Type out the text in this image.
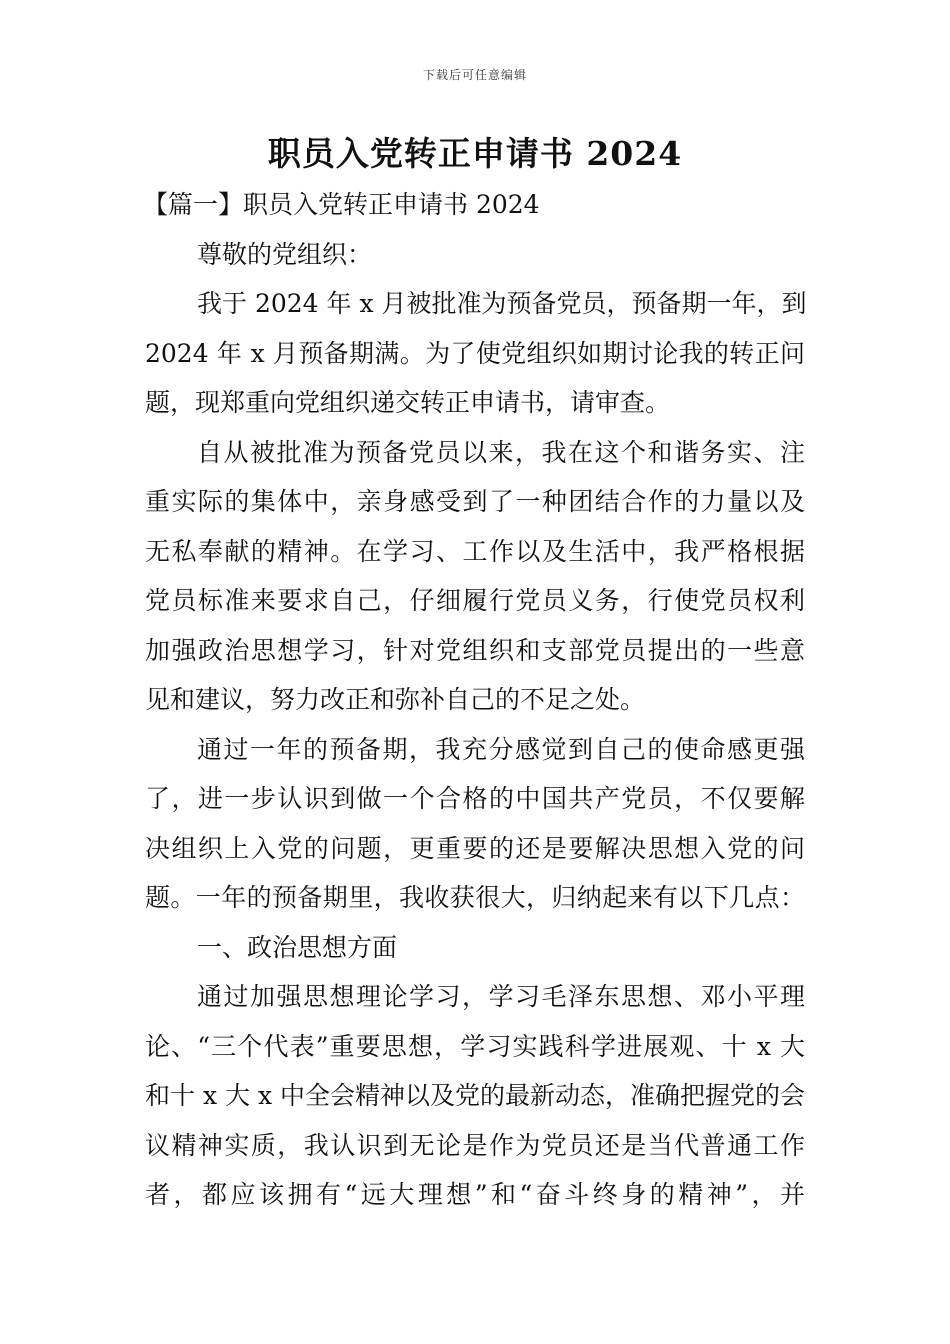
下载后可任意编辑
职员入党转正申请书 2024
【篇一】职员入党转正申请书 2024
尊敬的党组织：
我于 2024 年 x 月被批准为预备党员，预备期一年，到
2024 年 x 月预备期满。为了使党组织如期讨论我的转正问
题，现郑重向党组织递交转正申请书，请审查。
自从被批准为预备党员以来，我在这个和谐务实、注
重实际的集体中，亲身感受到了一种团结合作的力量以及
无私奉献的精神。在学习、工作以及生活中，我严格根据
党员标准来要求自己，仔细履行党员义务，行使党员权利
加强政治思想学习，针对党组织和支部党员提出的一些意
见和建议，努力改正和弥补自己的不足之处。
通过一年的预备期，我充分感觉到自己的使命感更强
了，进一步认识到做一个合格的中国共产党员，不仅要解
决组织上入党的问题，更重要的还是要解决思想入党的问
题。一年的预备期里，我收获很大，归纳起来有以下几点：
一、政治思想方面
通过加强思想理论学习，学习毛泽东思想、邓小平理
论、“三个代表”重要思想，学习实践科学进展观、十 x 大
和十 x 大 x 中全会精神以及党的最新动态，准确把握党的会
议精神实质，我认识到无论是作为党员还是当代普通工作
者，都应该拥有“远大理想”和“奋斗终身的精神”，并
